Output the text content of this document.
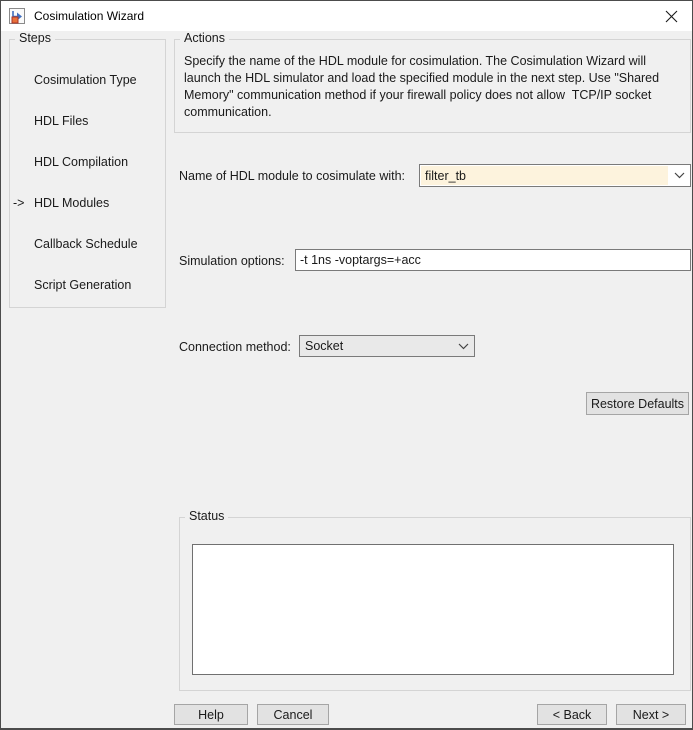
Cosimulation Wizard
Steps
Cosimulation Type
HDL Files
HDL Compilation
-> HDL Modules
Callback Schedule
Script Generation
Actions
Specify the name of the HDL module for cosimulation. The Cosimulation Wizard will launch the HDL simulator and load the specified module in the next step. Use "Shared Memory" communication method if your firewall policy does not allow  TCP/IP socket communication.
Name of HDL module to cosimulate with:	filter_tb
Simulation options:
-t 1ns -voptargs=+acc
Connection method:	Socket
Restore Defaults
Status
Help	Cancel	< Back	Next >
